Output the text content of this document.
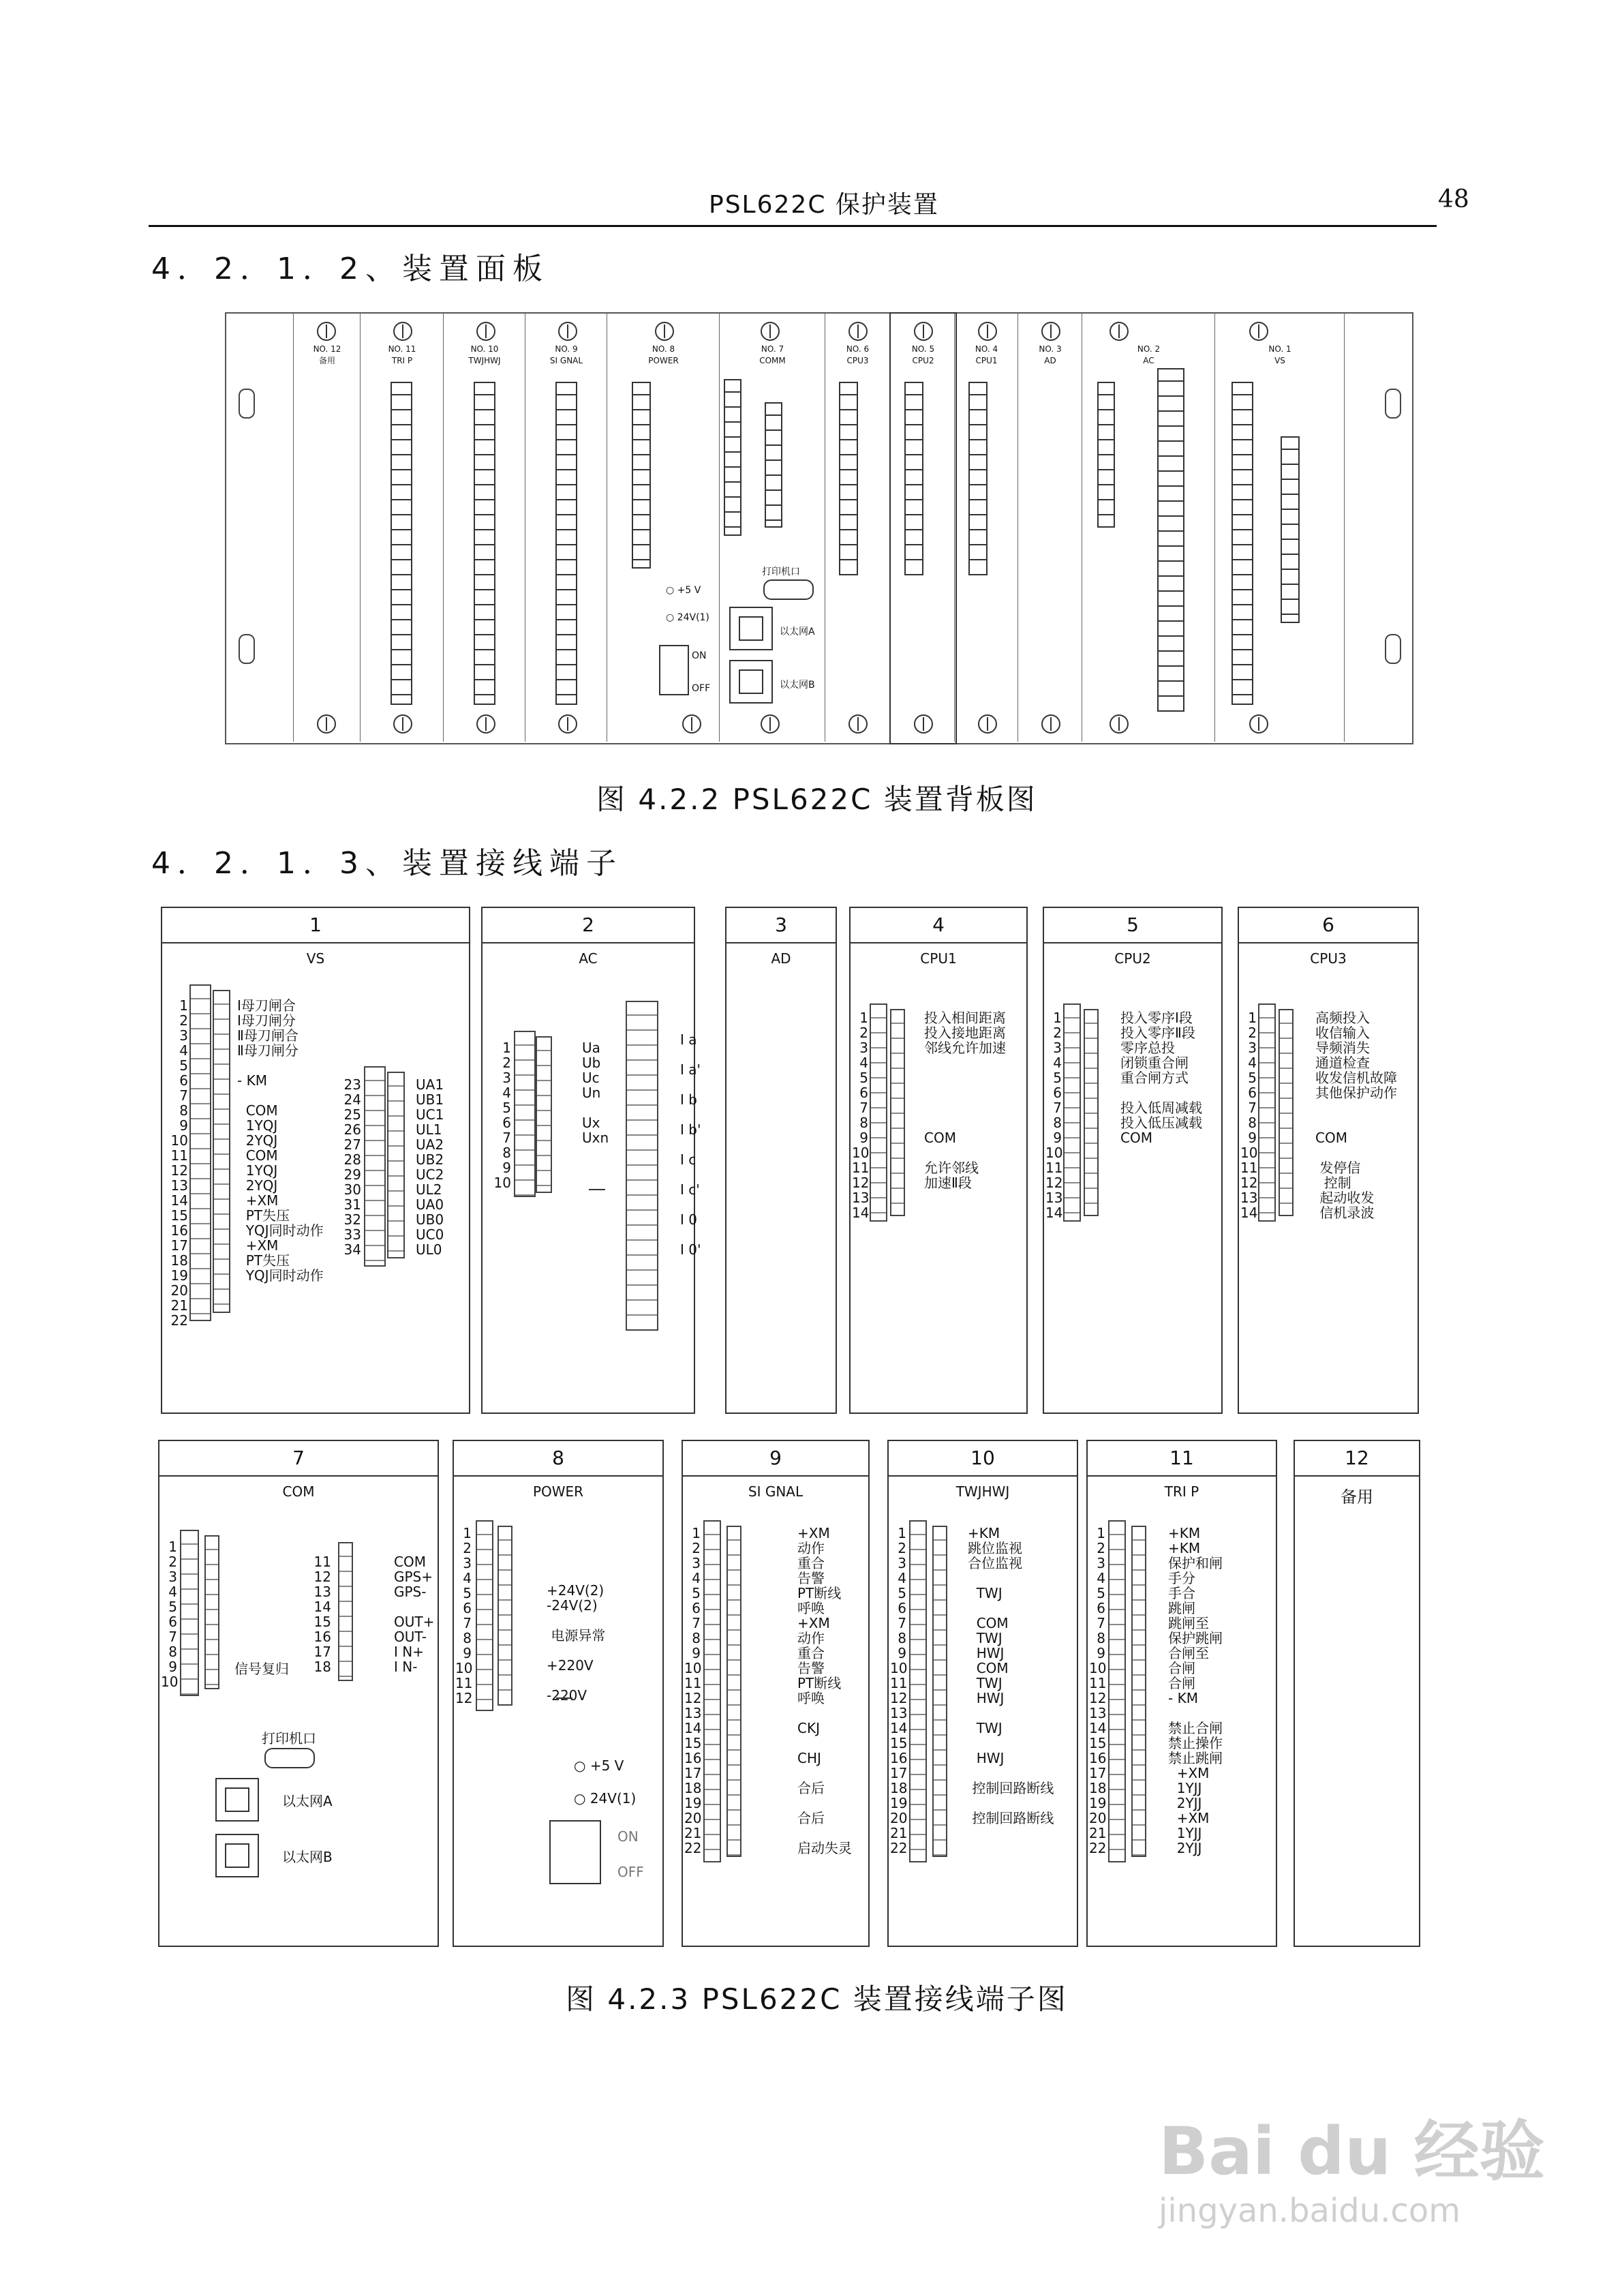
PSL622C 保护装置	48
4．2．1．2、装置面板
NO. 12
备用
NO. 11
TRI P
NO. 10
TWJHWJ
NO. 9
SI GNAL
NO. 8
POWER
○ +5 V
○ 24V(1)
ON
OFF
NO. 7
COMM
打印机口
以太网A
以太网B
NO. 6
CPU3
NO. 5
CPU2
NO. 4
CPU1
NO. 3
AD
NO. 2
AC
NO. 1
VS
图 4.2.2 PSL622C 装置背板图
4．2．1．3、装置接线端子
1
VS
1
2
3
4
5
6
7
8
9
10
11
12
13
14
15
16
17
18
19
20
21
22
Ⅰ母刀闸合
Ⅰ母刀闸分
Ⅱ母刀闸合
Ⅱ母刀闸分

- KM

COM
1YQJ
2YQJ
COM
1YQJ
2YQJ
+XM
PT失压
YQJ同时动作
+XM
PT失压
YQJ同时动作
23
24
25
26
27
28
29
30
31
32
33
34
UA1
UB1
UC1
UL1
UA2
UB2
UC2
UL2
UA0
UB0
UC0
UL0
2
AC
1
2
3
4
5
6
7
8
9
10
Ua
Ub
Uc
Un

Ux
Uxn
I a

I a'

I b

I b'

I c

I c'

I 0

I 0'
3
AD
4
CPU1
1
2
3
4
5
6
7
8
9
10
11
12
13
14
投入相间距离
投入接地距离
邻线允许加速

COM

允许邻线
加速Ⅱ段
5
CPU2
1
2
3
4
5
6
7
8
9
10
11
12
13
14
投入零序Ⅰ段
投入零序Ⅱ段
零序总投
闭锁重合闸
重合闸方式

投入低周减载
投入低压减载
COM
6
CPU3
1
2
3
4
5
6
7
8
9
10
11
12
13
14
高频投入
收信输入
导频消失
通道检查
收发信机故障
其他保护动作

COM

发停信
控制
起动收发
信机录波
7
COM
1
2
3
4
5
6
7
8
9
10
信号复归
11
12
13
14
15
16
17
18
COM
GPS+
GPS-

OUT+
OUT-
I N+
I N-
打印机口
以太网A
以太网B
8
POWER
1
2
3
4
5
6
7
8
9
10
11
12

+24V(2)
-24V(2)

电源异常

+220V

-220V
○ +5 V
○ 24V(1)
ON
OFF
9
SI GNAL
1
2
3
4
5
6
7
8
9
10
11
12
13
14
15
16
17
18
19
20
21
22
+XM
动作
重合
告警
PT断线
呼唤
+XM
动作
重合
告警
PT断线
呼唤

CKJ

CHJ

合后

合后

启动失灵
10
TWJHWJ
1
2
3
4
5
6
7
8
9
10
11
12
13
14
15
16
17
18
19
20
21
22
+KM
跳位监视
合位监视

TWJ

COM
TWJ
HWJ
COM
TWJ
HWJ

TWJ

HWJ

控制回路断线

控制回路断线
11
TRI P
1
2
3
4
5
6
7
8
9
10
11
12
13
14
15
16
17
18
19
20
21
22
+KM
+KM
保护和闸
手分
手合
跳闸
跳闸至
保护跳闸
合闸至
合闸
合闸
- KM

禁止合闸
禁止操作
禁止跳闸
+XM
1YJJ
2YJJ
+XM
1YJJ
2YJJ
12
备用
图 4.2.3 PSL622C 装置接线端子图
Bai du 经验
jingyan.baidu.com
